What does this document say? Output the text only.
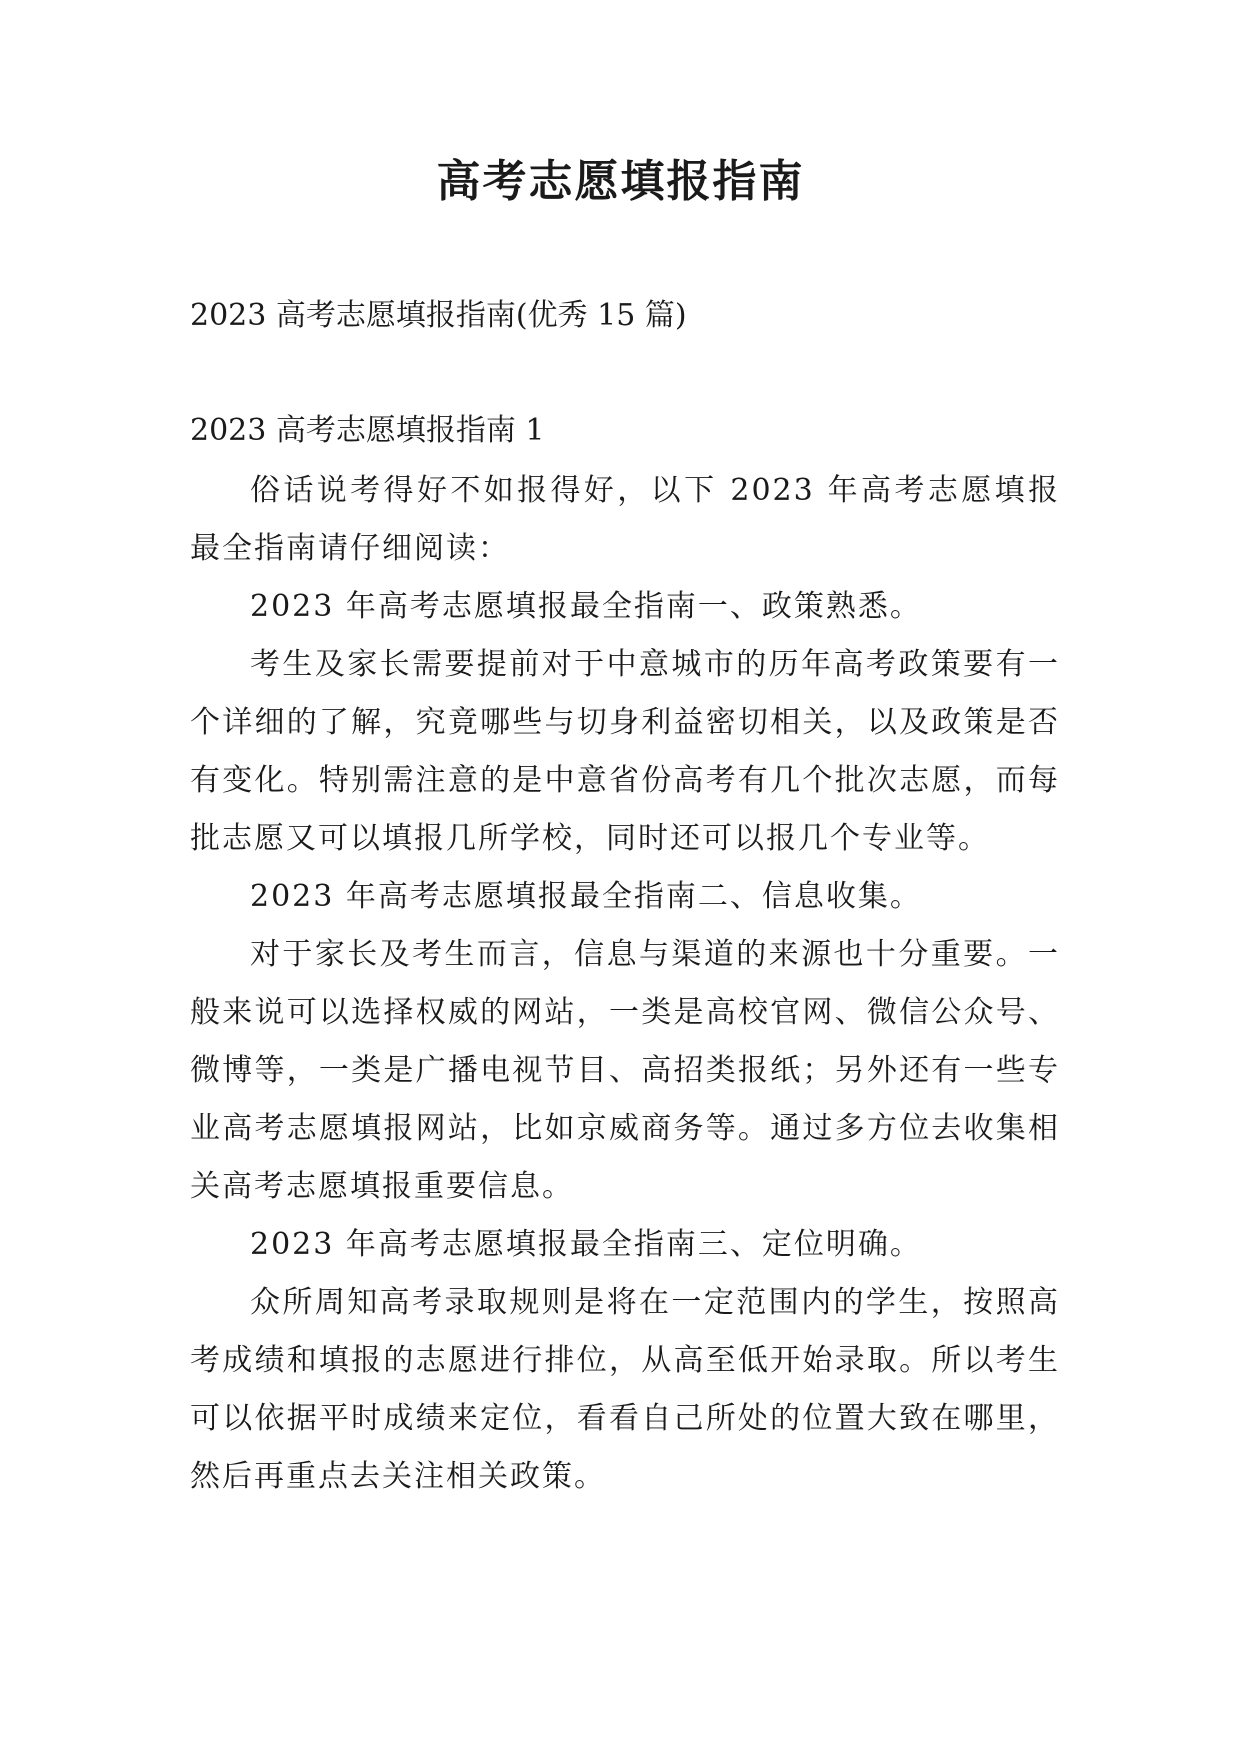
高考志愿填报指南
2023 高考志愿填报指南(优秀 15 篇)
2023 高考志愿填报指南 1

俗话说考得好不如报得好，以下 2023 年高考志愿填报最全指南请仔细阅读：

2023 年高考志愿填报最全指南一、政策熟悉。

考生及家长需要提前对于中意城市的历年高考政策要有一个详细的了解，究竟哪些与切身利益密切相关，以及政策是否有变化。特别需注意的是中意省份高考有几个批次志愿，而每批志愿又可以填报几所学校，同时还可以报几个专业等。

2023 年高考志愿填报最全指南二、信息收集。

对于家长及考生而言，信息与渠道的来源也十分重要。一般来说可以选择权威的网站，一类是高校官网、微信公众号、微博等，一类是广播电视节目、高招类报纸；另外还有一些专业高考志愿填报网站，比如京威商务等。通过多方位去收集相关高考志愿填报重要信息。

2023 年高考志愿填报最全指南三、定位明确。

众所周知高考录取规则是将在一定范围内的学生，按照高考成绩和填报的志愿进行排位，从高至低开始录取。所以考生可以依据平时成绩来定位，看看自己所处的位置大致在哪里，然后再重点去关注相关政策。
